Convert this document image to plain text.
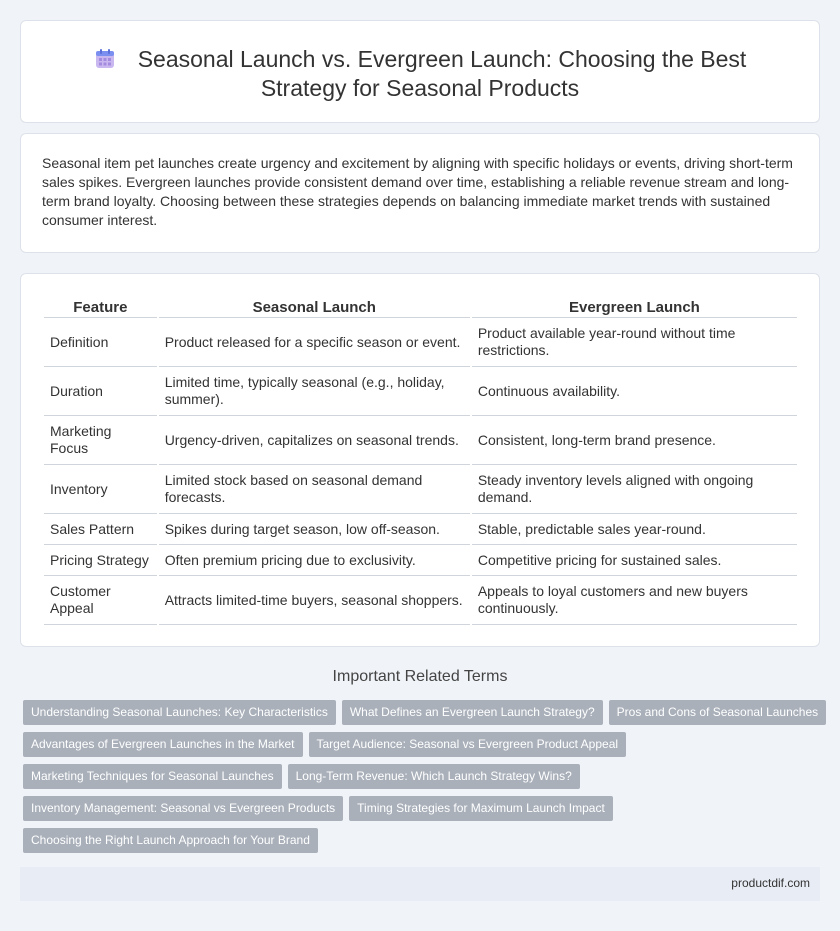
Seasonal Launch vs. Evergreen Launch: Choosing the Best
Strategy for Seasonal Products

Seasonal item pet launches create urgency and excitement by aligning with specific holidays or events, driving short-term sales spikes. Evergreen launches provide consistent demand over time, establishing a reliable revenue stream and long-term brand loyalty. Choosing between these strategies depends on balancing immediate market trends with sustained consumer interest.

Feature	Seasonal Launch	Evergreen Launch
Definition	Product released for a specific season or event.	Product available year-round without time restrictions.
Duration	Limited time, typically seasonal (e.g., holiday, summer).	Continuous availability.
Marketing Focus	Urgency-driven, capitalizes on seasonal trends.	Consistent, long-term brand presence.
Inventory	Limited stock based on seasonal demand forecasts.	Steady inventory levels aligned with ongoing demand.
Sales Pattern	Spikes during target season, low off-season.	Stable, predictable sales year-round.
Pricing Strategy	Often premium pricing due to exclusivity.	Competitive pricing for sustained sales.
Customer Appeal	Attracts limited-time buyers, seasonal shoppers.	Appeals to loyal customers and new buyers continuously.
Important Related Terms
Understanding Seasonal Launches: Key Characteristics What Defines an Evergreen Launch Strategy? Pros and Cons of Seasonal Launches
Advantages of Evergreen Launches in the Market Target Audience: Seasonal vs Evergreen Product Appeal
Marketing Techniques for Seasonal Launches Long-Term Revenue: Which Launch Strategy Wins?
Inventory Management: Seasonal vs Evergreen Products Timing Strategies for Maximum Launch Impact
Choosing the Right Launch Approach for Your Brand
productdif.com
